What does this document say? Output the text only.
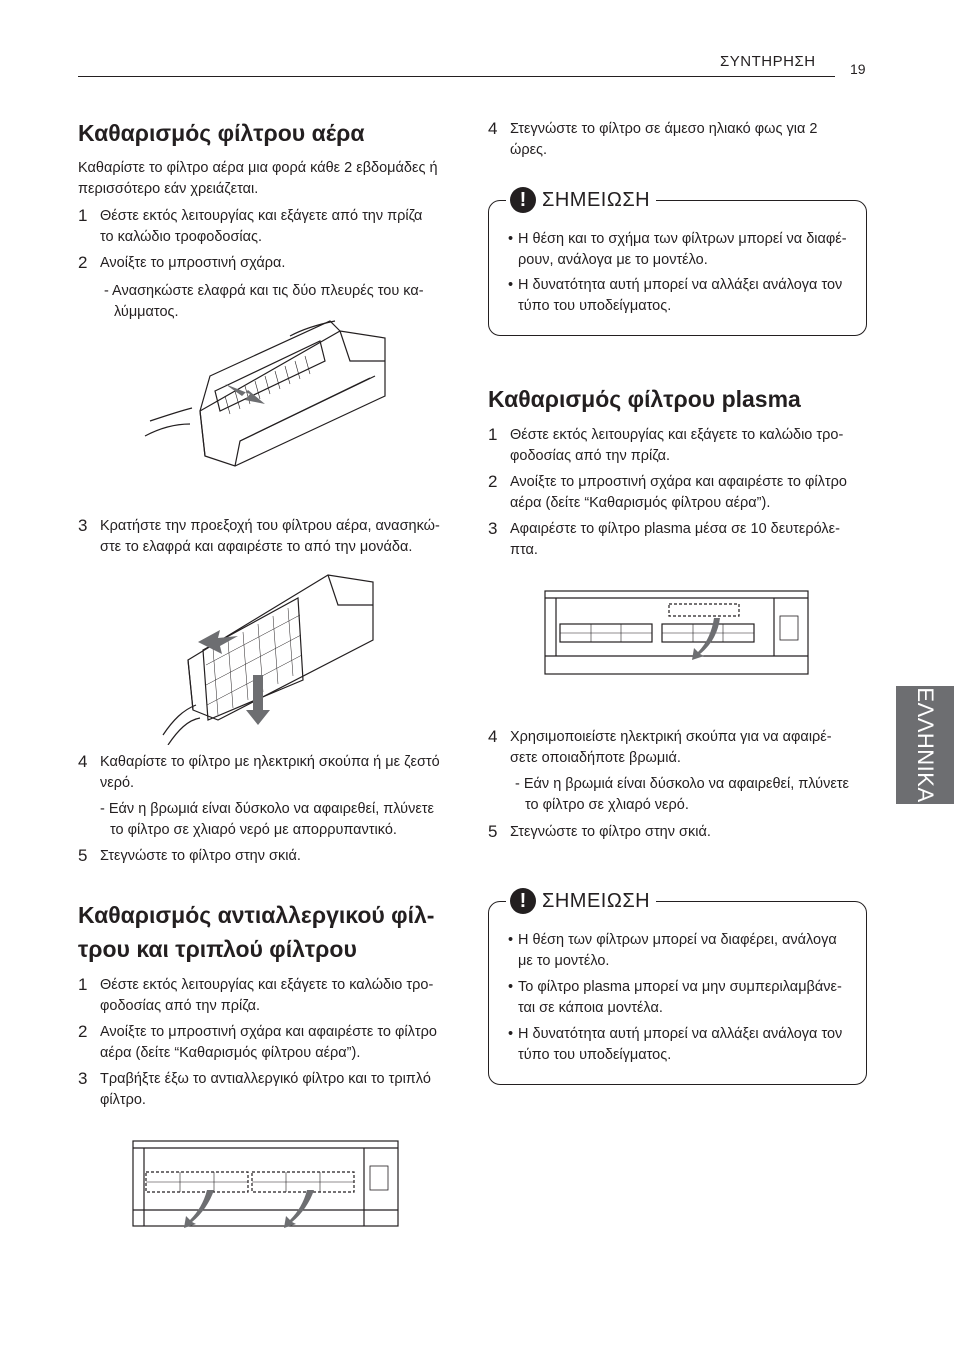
ΣΥΝΤΗΡΗΣΗ 19
ΕΛΛΗΝΙΚΑ
Καθαρισμός φίλτρου αέρα
Καθαρίστε το φίλτρο αέρα μια φορά κάθε 2 εβδομάδες ή
περισσότερο εάν χρειάζεται.
1 Θέστε εκτός λειτουργίας και εξάγετε από την πρίζα
το καλώδιο τροφοδοσίας.
2 Ανοίξτε το μπροστινή σχάρα.
- Ανασηκώστε ελαφρά και τις δύο πλευρές του κα-
λύμματος.
3 Κρατήστε την προεξοχή του φίλτρου αέρα, ανασηκώ-
στε το ελαφρά και αφαιρέστε το από την μονάδα.
4 Καθαρίστε το φίλτρο με ηλεκτρική σκούπα ή με ζεστό
νερό.
- Εάν η βρωμιά είναι δύσκολο να αφαιρεθεί, πλύνετε
το φίλτρο σε χλιαρό νερό με απορρυπαντικό.
5 Στεγνώστε το φίλτρο στην σκιά.
Καθαρισμός αντιαλλεργικού φίλ-
τρου και τριπλού φίλτρου
1 Θέστε εκτός λειτουργίας και εξάγετε το καλώδιο τρο-
φοδοσίας από την πρίζα.
2 Ανοίξτε το μπροστινή σχάρα και αφαιρέστε το φίλτρο
αέρα (δείτε “Καθαρισμός φίλτρου αέρα”).
3 Τραβήξτε έξω το αντιαλλεργικό φίλτρο και το τριπλό
φίλτρο.
4 Στεγνώστε το φίλτρο σε άμεσο ηλιακό φως για 2
ώρες.
! ΣΗΜΕΙΩΣΗ
• Η θέση και το σχήμα των φίλτρων μπορεί να διαφέ-
ρουν, ανάλογα με το μοντέλο.
• Η δυνατότητα αυτή μπορεί να αλλάξει ανάλογα τον
τύπο του υποδείγματος.
Καθαρισμός φίλτρου plasma
1 Θέστε εκτός λειτουργίας και εξάγετε το καλώδιο τρο-
φοδοσίας από την πρίζα.
2 Ανοίξτε το μπροστινή σχάρα και αφαιρέστε το φίλτρο
αέρα (δείτε “Καθαρισμός φίλτρου αέρα”).
3 Αφαιρέστε το φίλτρο plasma μέσα σε 10 δευτερόλε-
πτα.
4 Χρησιμοποιείστε ηλεκτρική σκούπα για να αφαιρέ-
σετε οποιαδήποτε βρωμιά.
- Εάν η βρωμιά είναι δύσκολο να αφαιρεθεί, πλύνετε
το φίλτρο σε χλιαρό νερό.
5 Στεγνώστε το φίλτρο στην σκιά.
! ΣΗΜΕΙΩΣΗ
• Η θέση των φίλτρων μπορεί να διαφέρει, ανάλογα
με το μοντέλο.
• Το φίλτρο plasma μπορεί να μην συμπεριλαμβάνε-
ται σε κάποια μοντέλα.
• Η δυνατότητα αυτή μπορεί να αλλάξει ανάλογα τον
τύπο του υποδείγματος.
